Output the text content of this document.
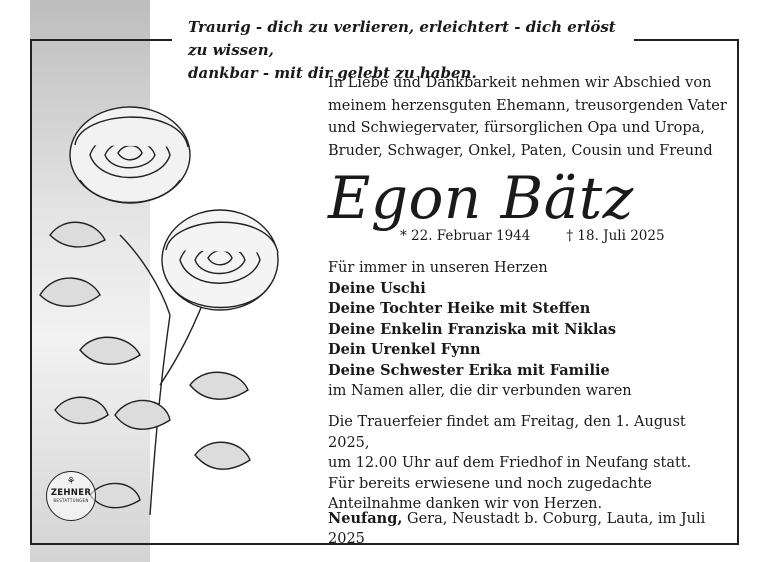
Traurig - dich zu verlieren, erleichtert - dich erlöst zu wissen,
dankbar - mit dir gelebt zu haben.
In Liebe und Dankbarkeit nehmen wir Abschied von
meinem herzensguten Ehemann, treusorgenden Vater
und Schwiegervater, fürsorglichen Opa und Uropa,
Bruder, Schwager, Onkel, Paten, Cousin und Freund
Egon Bätz
* 22. Februar 1944	† 18. Juli 2025
Für immer in unseren Herzen
Deine Uschi
Deine Tochter Heike mit Steffen
Deine Enkelin Franziska mit Niklas
Dein Urenkel Fynn
Deine Schwester Erika mit Familie
im Namen aller, die dir verbunden waren
Die Trauerfeier findet am Freitag, den 1. August 2025,
um 12.00 Uhr auf dem Friedhof in Neufang statt.
Für bereits erwiesene und noch zugedachte
Anteilnahme danken wir von Herzen.
Neufang, Gera, Neustadt b. Coburg, Lauta, im Juli 2025
⚘
ZEHNER
BESTATTUNGEN
